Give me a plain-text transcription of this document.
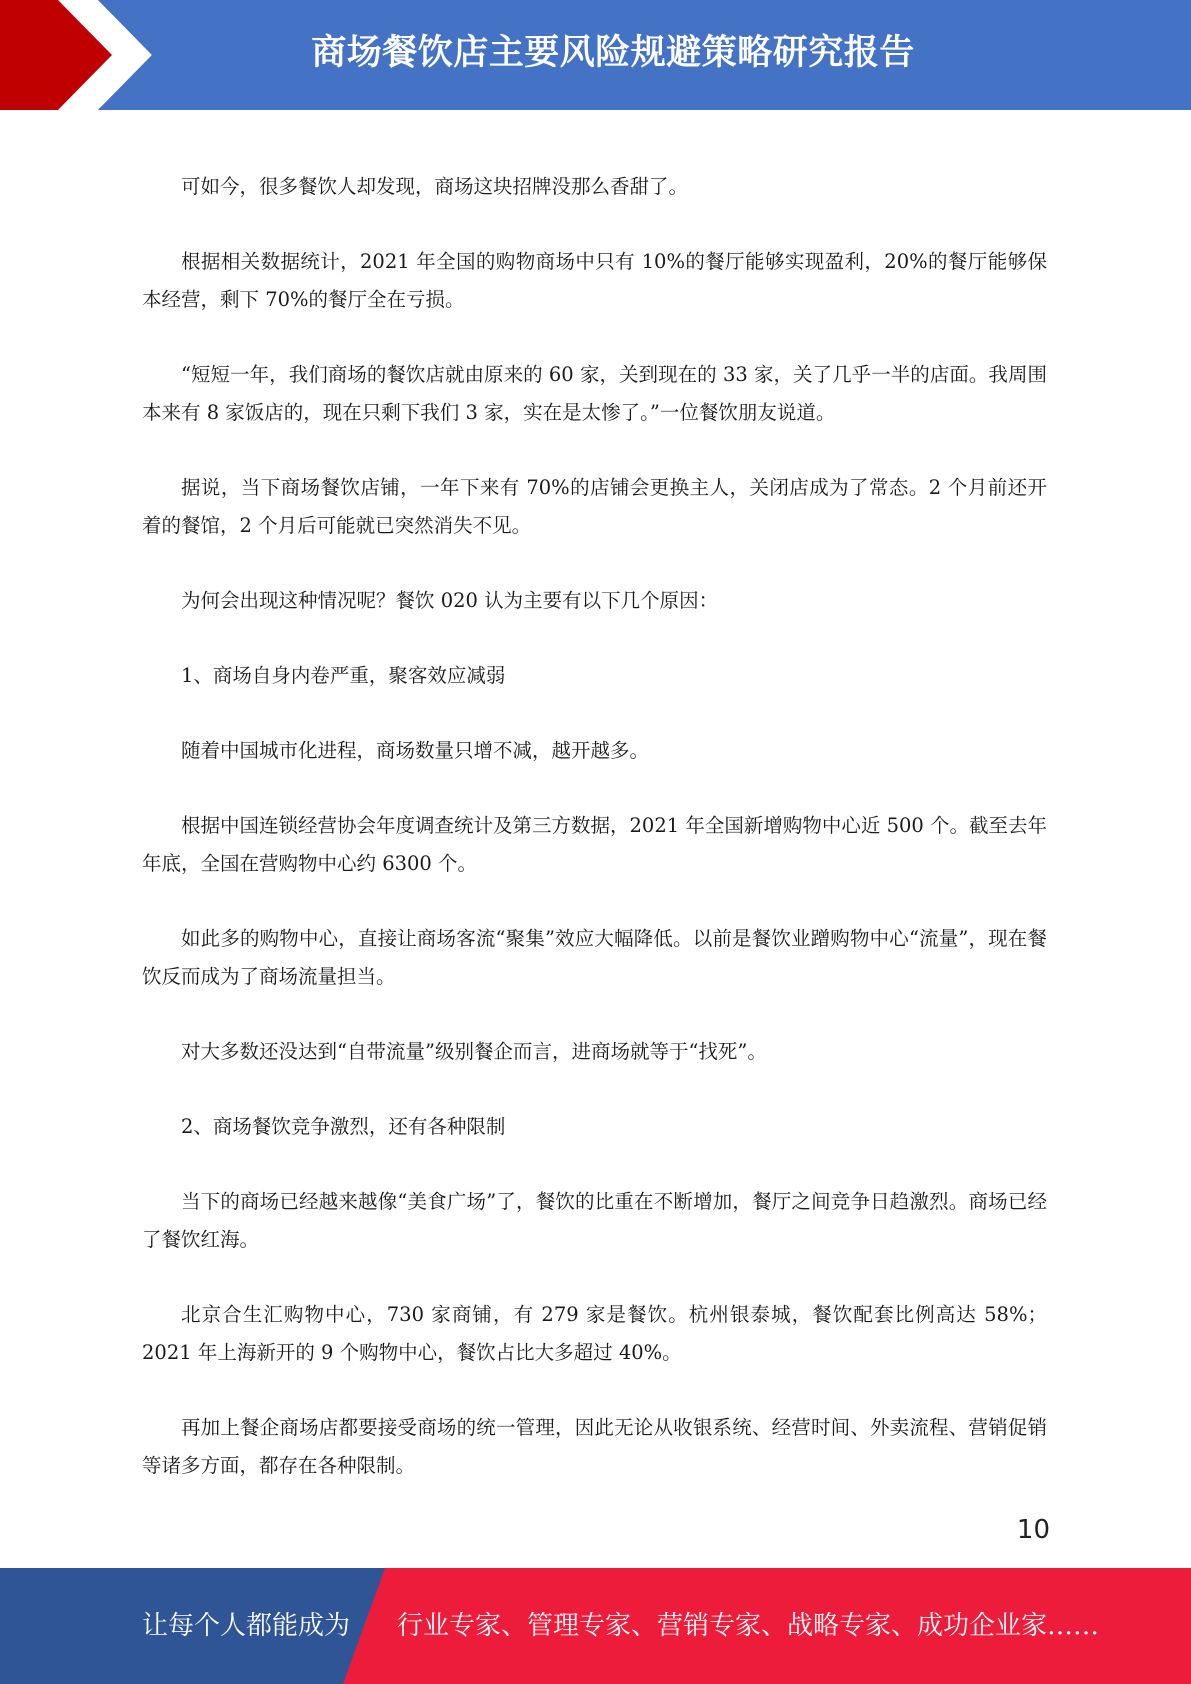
商场餐饮店主要风险规避策略研究报告

可如今，很多餐饮人却发现，商场这块招牌没那么香甜了。

根据相关数据统计，2021 年全国的购物商场中只有 10%的餐厅能够实现盈利，20%的餐厅能够保本经营，剩下 70%的餐厅全在亏损。

“短短一年，我们商场的餐饮店就由原来的 60 家，关到现在的 33 家，关了几乎一半的店面。我周围本来有 8 家饭店的，现在只剩下我们 3 家，实在是太惨了。”一位餐饮朋友说道。

据说，当下商场餐饮店铺，一年下来有 70%的店铺会更换主人，关闭店成为了常态。2 个月前还开着的餐馆，2 个月后可能就已突然消失不见。

为何会出现这种情况呢？餐饮 020 认为主要有以下几个原因：

1、商场自身内卷严重，聚客效应减弱

随着中国城市化进程，商场数量只增不减，越开越多。

根据中国连锁经营协会年度调查统计及第三方数据，2021 年全国新增购物中心近 500 个。截至去年年底，全国在营购物中心约 6300 个。

如此多的购物中心，直接让商场客流“聚集”效应大幅降低。以前是餐饮业蹭购物中心“流量”，现在餐饮反而成为了商场流量担当。

对大多数还没达到“自带流量”级别餐企而言，进商场就等于“找死”。

2、商场餐饮竞争激烈，还有各种限制

当下的商场已经越来越像“美食广场”了，餐饮的比重在不断增加，餐厅之间竞争日趋激烈。商场已经了餐饮红海。

北京合生汇购物中心，730 家商铺，有 279 家是餐饮。杭州银泰城，餐饮配套比例高达 58%；2021 年上海新开的 9 个购物中心，餐饮占比大多超过 40%。

再加上餐企商场店都要接受商场的统一管理，因此无论从收银系统、经营时间、外卖流程、营销促销等诸多方面，都存在各种限制。

10
让每个人都能成为 行业专家、管理专家、营销专家、战略专家、成功企业家……
